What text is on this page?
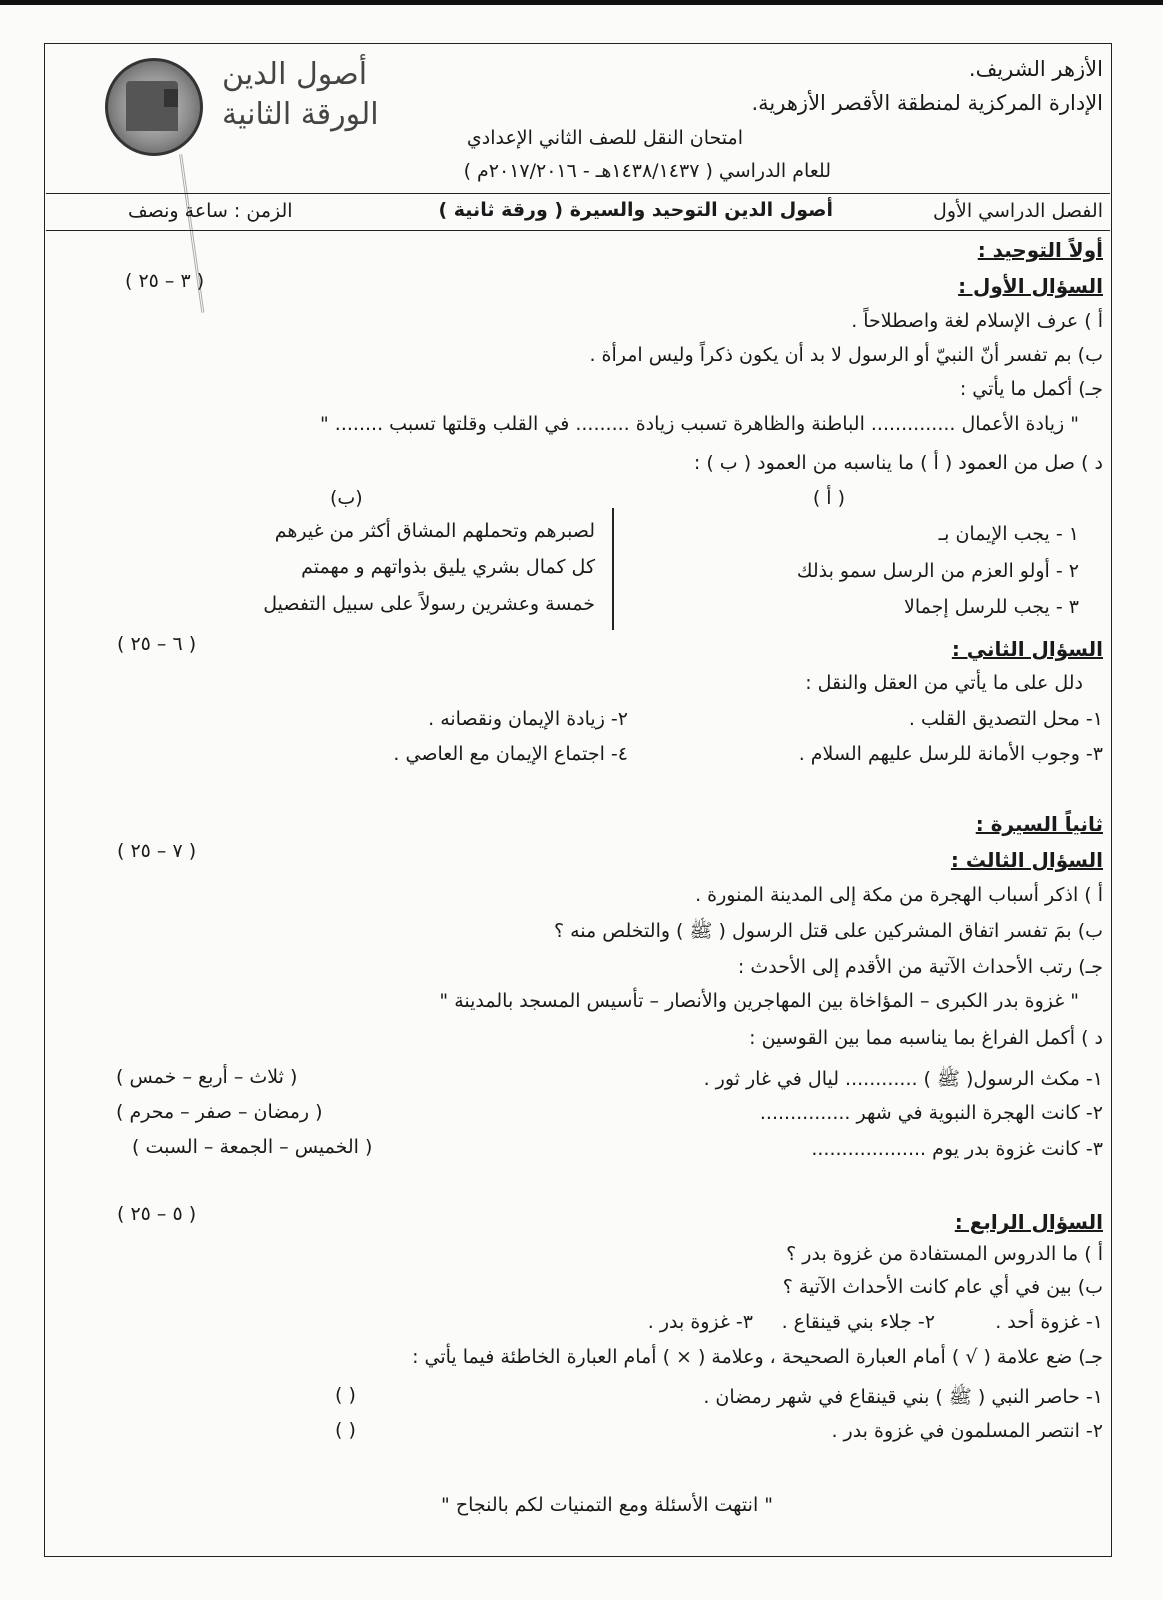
الأزهر الشريف.
الإدارة المركزية لمنطقة الأقصر الأزهرية.
امتحان النقل للصف الثاني الإعدادي
للعام الدراسي ( ١٤٣٨/١٤٣٧هـ - ٢٠١٧/٢٠١٦م )
أصول الدين
الورقة الثانية
الفصل الدراسي الأول
أصول الدين التوحيد والسيرة ( ورقة ثانية )
الزمن : ساعة ونصف
أولاً التوحيد :
السؤال الأول :
( ٣ – ٢٥ )
أ ) عرف الإسلام لغة واصطلاحاً .
ب) بم تفسر أنّ النبيّ أو الرسول لا بد أن يكون ذكراً وليس امرأة .
جـ) أكمل ما يأتي :
" زيادة الأعمال .............. الباطنة والظاهرة تسبب زيادة ......... في القلب وقلتها تسبب ........ "
د ) صل من العمود ( أ ) ما يناسبه من العمود ( ب ) :
( أ )
(ب)
١ - يجب الإيمان بـ
٢ - أولو العزم من الرسل سمو بذلك
٣ - يجب للرسل إجمالا
لصبرهم وتحملهم المشاق أكثر من غيرهم
كل كمال بشري يليق بذواتهم و مهمتم
خمسة وعشرين رسولاً على سبيل التفصيل
السؤال الثاني :
( ٦ – ٢٥ )
دلل على ما يأتي من العقل والنقل :
١- محل التصديق القلب .
٢- زيادة الإيمان ونقصانه .
٣- وجوب الأمانة للرسل عليهم السلام .
٤- اجتماع الإيمان مع العاصي .
ثانياً السيرة :
( ٧ – ٢٥ )	السؤال الثالث :
أ ) اذكر أسباب الهجرة من مكة إلى المدينة المنورة .
ب) بمَ تفسر اتفاق المشركين على قتل الرسول ( ﷺ ) والتخلص منه ؟
جـ) رتب الأحداث الآتية من الأقدم إلى الأحدث :
" غزوة بدر الكبرى – المؤاخاة بين المهاجرين والأنصار – تأسيس المسجد بالمدينة "
د ) أكمل الفراغ بما يناسبه مما بين القوسين :
١- مكث الرسول( ﷺ ) ............ ليال في غار ثور .
٢- كانت الهجرة النبوية في شهر ...............
٣- كانت غزوة بدر يوم ...................
( ثلاث – أربع – خمس )
( رمضان – صفر – محرم )
( الخميس – الجمعة – السبت )
( ٥ – ٢٥ )	السؤال الرابع :
أ ) ما الدروس المستفادة من غزوة بدر ؟
ب) بين في أي عام كانت الأحداث الآتية ؟
١- غزوة أحد .
٢- جلاء بني قينقاع .
٣- غزوة بدر .
جـ) ضع علامة ( √ ) أمام العبارة الصحيحة ، وعلامة ( × ) أمام العبارة الخاطئة فيما يأتي :
١- حاصر النبي ( ﷺ ) بني قينقاع في شهر رمضان .
٢- انتصر المسلمون في غزوة بدر .
( )
( )
" انتهت الأسئلة ومع التمنيات لكم بالنجاح "
